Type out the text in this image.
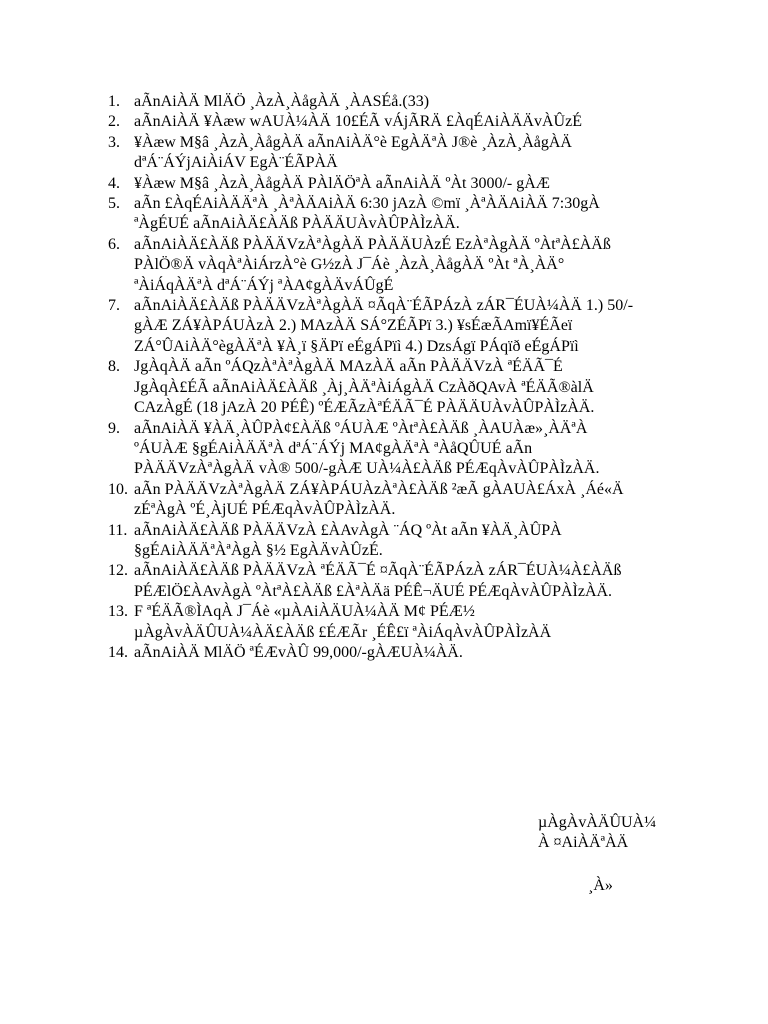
1. aÃnAiÀÄ MlÄÖ ¸ÀzÀ¸ÀågÀÄ ¸ÀASÉå.(33)
2. aÃnAiÀÄ ¥Àæw wAUÀ¼ÀÄ 10£ÉÃ vÁjÃRÄ £ÀqÉAiÀÄÄvÀÛzÉ
3. ¥Àæw M§â ¸ÀzÀ¸ÀågÀÄ aÃnAiÀÄ°è EgÀÄªÀ J®è ¸ÀzÀ¸ÀågÀÄ
dªÁ¨ÁÝjAiÀiÁV EgÀ¨ÉÃPÀÄ
4. ¥Àæw M§â ¸ÀzÀ¸ÀågÀÄ PÀlÄÖªÀ aÃnAiÀÄ ºÀt 3000/- gÀÆ
5. aÃn £ÀqÉAiÀÄÄªÀ ¸ÀªÀÄAiÀÄ 6:30 jAzÀ ©mï ¸ÀªÀÄAiÀÄ 7:30gÀ
ªÀgÉUÉ aÃnAiÀÄ£ÀÄß PÀÄÄUÀvÀÛPÀÌzÀÄ.
6. aÃnAiÀÄ£ÀÄß PÀÄÄVzÀªÀgÀÄ PÀÄÄUÀzÉ EzÀªÀgÀÄ ºÀtªÀ£ÀÄß
PÀlÖ®Ä vÀqÀªÀiÁrzÀ°è G½zÀ J¯Áè ¸ÀzÀ¸ÀågÀÄ ºÀt ªÀ¸ÀÄ°
ªÀiÁqÀÄªÀ dªÁ¨ÁÝj ªÀA¢gÀÄvÁÛgÉ
7. aÃnAiÀÄ£ÀÄß PÀÄÄVzÀªÀgÀÄ ¤ÃqÀ¨ÉÃPÁzÀ zÁR¯ÉUÀ¼ÀÄ 1.) 50/-
gÀÆ ZÁ¥ÀPÁUÀzÀ 2.) MAzÀÄ SÁ°ZÉÃPï 3.) ¥sÉæÃAmï¥ÉÃeï
ZÁ°ÛAiÀÄ°ègÀÄªÀ ¥À¸ï §ÄPï eÉgÁPïì 4.) DzsÁgï PÁqïð eÉgÁPïì
8. JgÀqÀÄ aÃn ºÁQzÀªÀªÀgÀÄ MAzÀÄ aÃn PÀÄÄVzÀ ªÉÄÃ¯É
JgÀqÀ£ÉÃ aÃnAiÀÄ£ÀÄß ¸Àj¸ÀÄªÀiÁgÀÄ CzÀðQAvÀ ªÉÄÃ®àlÄ
CAzÀgÉ (18 jAzÀ 20 PÉÊ) ºÉÆÃzÀªÉÄÃ¯É PÀÄÄUÀvÀÛPÀÌzÀÄ.
9. aÃnAiÀÄ ¥ÀÄ¸ÀÛPÀ¢£ÀÄß ºÁUÀÆ ºÀtªÀ£ÀÄß ¸ÀAUÀæ»¸ÀÄªÀ
ºÁUÀÆ §gÉAiÀÄÄªÀ dªÁ¨ÁÝj MA¢gÀÄªÀ ªÀåQÛUÉ aÃn
PÀÄÄVzÀªÀgÀÄ vÀ® 500/-gÀÆ UÀ¼À£ÀÄß PÉÆqÀvÀÛPÀÌzÀÄ.
10. aÃn PÀÄÄVzÀªÀgÀÄ ZÁ¥ÀPÁUÀzÀªÀ£ÀÄß ²æÃ gÀAUÀ£ÁxÀ ¸Áé«Ä
zÉªÀgÀ ºÉ¸ÀjUÉ PÉÆqÀvÀÛPÀÌzÀÄ.
11. aÃnAiÀÄ£ÀÄß PÀÄÄVzÀ £ÀAvÀgÀ ¨ÁQ ºÀt aÃn ¥ÀÄ¸ÀÛPÀ
§gÉAiÀÄÄªÀªÀgÀ §½ EgÀÄvÀÛzÉ.
12. aÃnAiÀÄ£ÀÄß PÀÄÄVzÀ ªÉÄÃ¯É ¤ÃqÀ¨ÉÃPÁzÀ zÁR¯ÉUÀ¼À£ÀÄß
PÉÆlÖ£ÀAvÀgÀ ºÀtªÀ£ÀÄß £ÀªÀÄä PÉÊ¬ÄUÉ PÉÆqÀvÀÛPÀÌzÀÄ.
13. F ªÉÄÃ®ÌAqÀ J¯Áè «µÀAiÀÄUÀ¼ÀÄ M¢ PÉÆ½
µÀgÀvÀÄÛUÀ¼ÀÄ£ÀÄß £ÉÆÃr ¸ÉÊ£ï ªÀiÁqÀvÀÛPÀÌzÀÄ
14. aÃnAiÀÄ MlÄÖ ªÉÆvÀÛ 99,000/-gÀÆUÀ¼ÀÄ.
µÀgÀvÀÄÛUÀ¼
À ¤AiÀÄªÀÄ
¸À»
